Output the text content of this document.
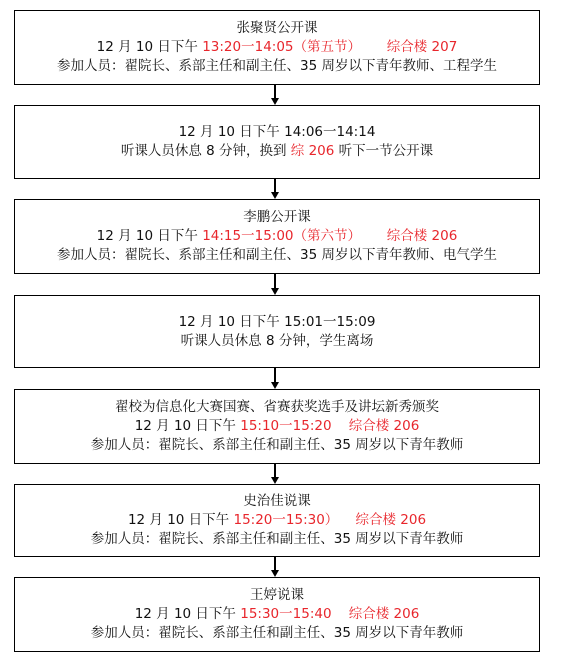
张聚贤公开课
12 月 10 日下午 13:20一14:05（第五节） 综合楼 207
参加人员：翟院长、系部主任和副主任、35 周岁以下青年教师、工程学生
12 月 10 日下午 14:06一14:14
听课人员休息 8 分钟，换到 综 206 听下一节公开课
李鹏公开课
12 月 10 日下午 14:15一15:00（第六节） 综合楼 206
参加人员：翟院长、系部主任和副主任、35 周岁以下青年教师、电气学生
12 月 10 日下午 15:01一15:09
听课人员休息 8 分钟，学生离场
翟校为信息化大赛国赛、省赛获奖选手及讲坛新秀颁奖
12 月 10 日下午 15:10一15:20 综合楼 206
参加人员：翟院长、系部主任和副主任、35 周岁以下青年教师
史治佳说课
12 月 10 日下午 15:20一15:30） 综合楼 206
参加人员：翟院长、系部主任和副主任、35 周岁以下青年教师
王婷说课
12 月 10 日下午 15:30一15:40 综合楼 206
参加人员：翟院长、系部主任和副主任、35 周岁以下青年教师
